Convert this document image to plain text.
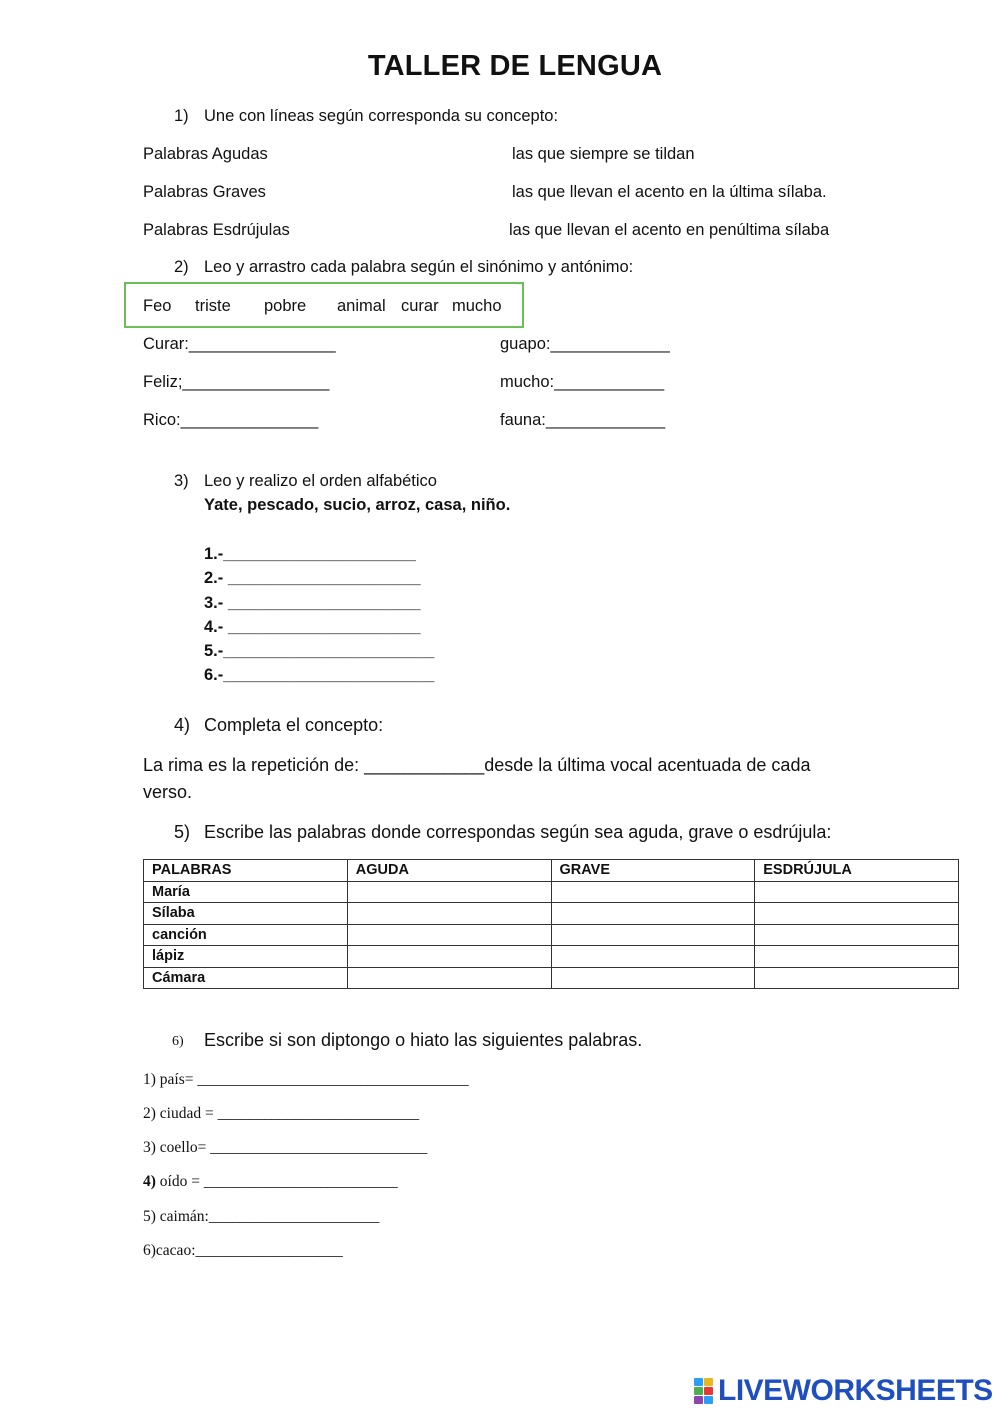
TALLER DE LENGUA
1) Une con líneas según corresponda su concepto:
Palabras Agudas
Palabras Graves
Palabras Esdrújulas
las que siempre se tildan
las que llevan el acento en la última sílaba.
las que llevan el acento en penúltima sílaba
2) Leo y arrastro cada palabra según el sinónimo y antónimo:
Feo triste pobre animal curar mucho
Curar:________________
Feliz;________________
Rico:_______________
guapo:_____________
mucho:____________
fauna:_____________
3) Leo y realizo el orden alfabético
Yate, pescado, sucio, arroz, casa, niño.
1.-_____________________
2.- _____________________
3.- _____________________
4.- _____________________
5.-_______________________
6.-_______________________
4) Completa el concepto:
La rima es la repetición de: ____________desde la última vocal acentuada de cada
verso.
5) Escribe las palabras donde correspondas según sea aguda, grave o esdrújula:
PALABRAS	AGUDA	GRAVE	ESDRÚJULA
María			
Sílaba			
canción			
lápiz			
Cámara			
6) Escribe si son diptongo o hiato las siguientes palabras.
1) país= ___________________________________
2) ciudad = __________________________
3) coello= ____________________________
4) oído = _________________________
5) caimán:______________________
6)cacao:___________________
LIVEWORKSHEETS
